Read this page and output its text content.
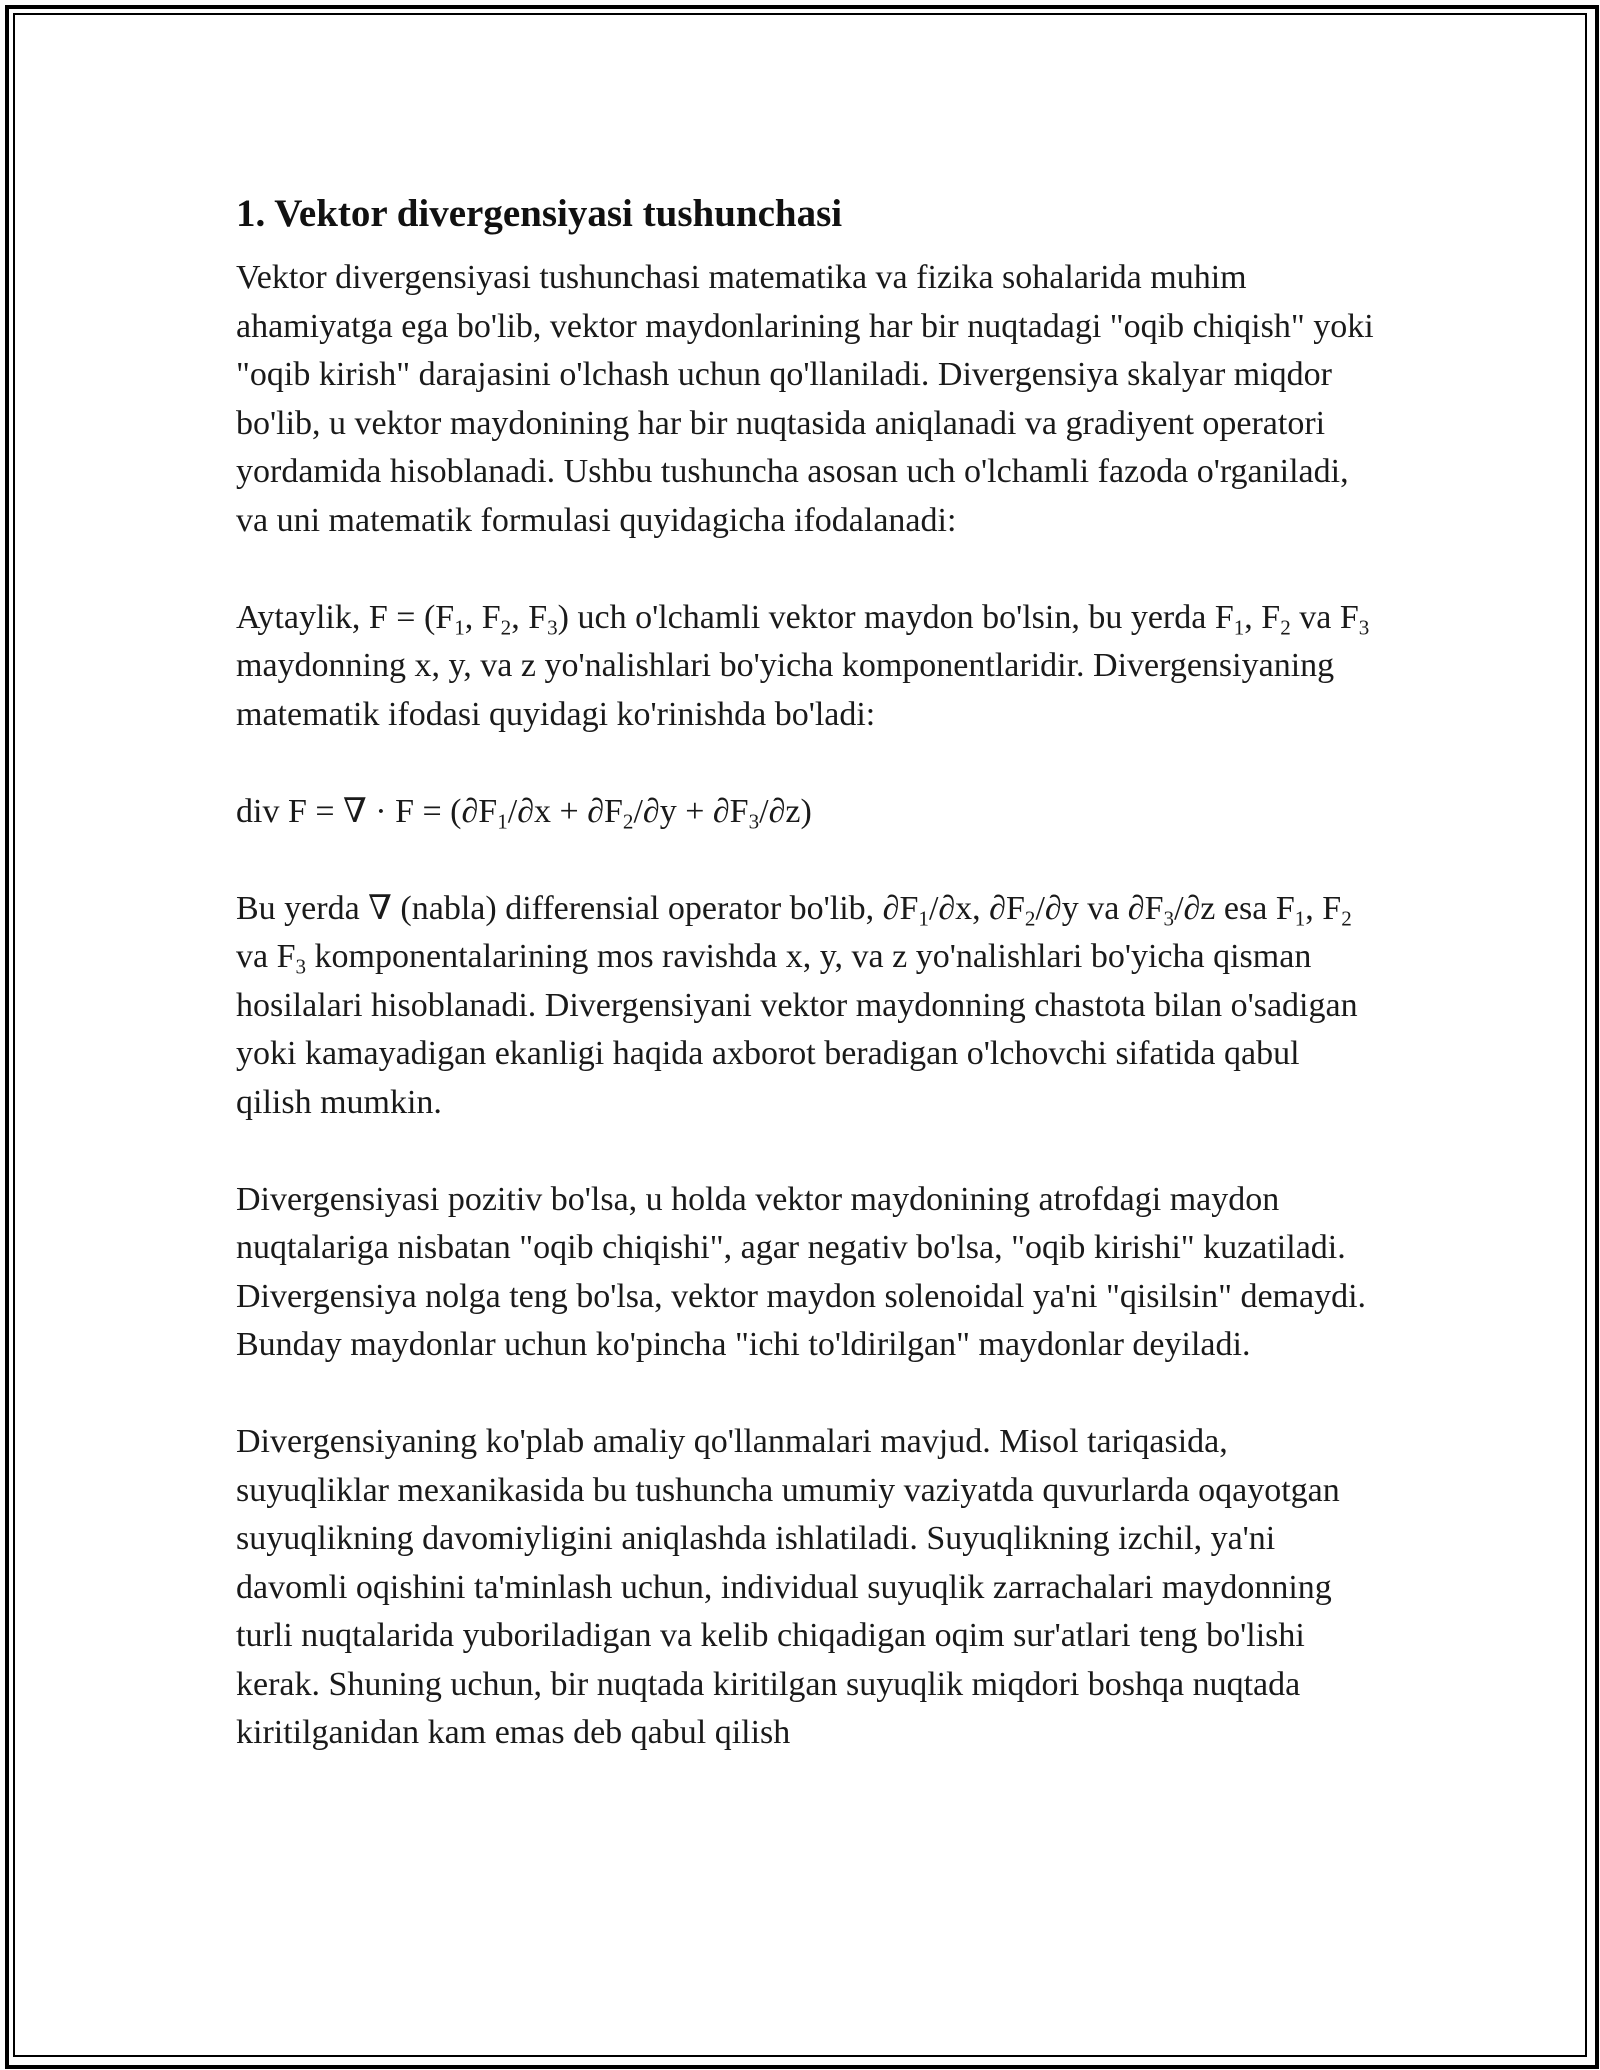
1. Vektor divergensiyasi tushunchasi

Vektor divergensiyasi tushunchasi matematika va fizika sohalarida muhim ahamiyatga ega bo'lib, vektor maydonlarining har bir nuqtadagi "oqib chiqish" yoki "oqib kirish" darajasini o'lchash uchun qo'llaniladi. Divergensiya skalyar miqdor bo'lib, u vektor maydonining har bir nuqtasida aniqlanadi va gradiyent operatori yordamida hisoblanadi. Ushbu tushuncha asosan uch o'lchamli fazoda o'rganiladi, va uni matematik formulasi quyidagicha ifodalanadi:

Aytaylik, $F = (F_1$, $F_2$, $F_3$) uch o'lchamli vektor maydon bo'lsin, bu yerda $F_1$, $F_2$ va $F_3$ maydonning x, y, va z yo'nalishlari bo'yicha komponentlaridir. Divergensiyaning matematik ifodasi quyidagi ko'rinishda bo'ladi:

div F = ∇ · $F = (\partial F_1/\partial x + \partial F_2/\partial y + \partial F_3/\partial z)$

Bu yerda ∇ (nabla) differensial operator bo'lib, $\partial F_1/\partial x$, $\partial F_2/\partial y$ va $\partial F_3/\partial z$ esa $F_1$, $F_2$ va $F_3$ komponentalarining mos ravishda x, y, va z yo'nalishlari bo'yicha qisman hosilalari hisoblanadi. Divergensiyani vektor maydonning chastota bilan o'sadigan yoki kamayadigan ekanligi haqida axborot beradigan o'lchovchi sifatida qabul qilish mumkin.

Divergensiyasi pozitiv bo'lsa, u holda vektor maydonining atrofdagi maydon nuqtalariga nisbatan "oqib chiqishi", agar negativ bo'lsa, "oqib kirishi" kuzatiladi. Divergensiya nolga teng bo'lsa, vektor maydon solenoidal ya'ni "qisilsin" demaydi. Bunday maydonlar uchun ko'pincha "ichi to'ldirilgan" maydonlar deyiladi.

Divergensiyaning ko'plab amaliy qo'llanmalari mavjud. Misol tariqasida, suyuqliklar mexanikasida bu tushuncha umumiy vaziyatda quvurlarda oqayotgan suyuqlikning davomiyligini aniqlashda ishlatiladi. Suyuqlikning izchil, ya'ni davomli oqishini ta'minlash uchun, individual suyuqlik zarrachalari maydonning turli nuqtalarida yuboriladigan va kelib chiqadigan oqim sur'atlari teng bo'lishi kerak. Shuning uchun, bir nuqtada kiritilgan suyuqlik miqdori boshqa nuqtada kiritilganidan kam emas deb qabul qilish
